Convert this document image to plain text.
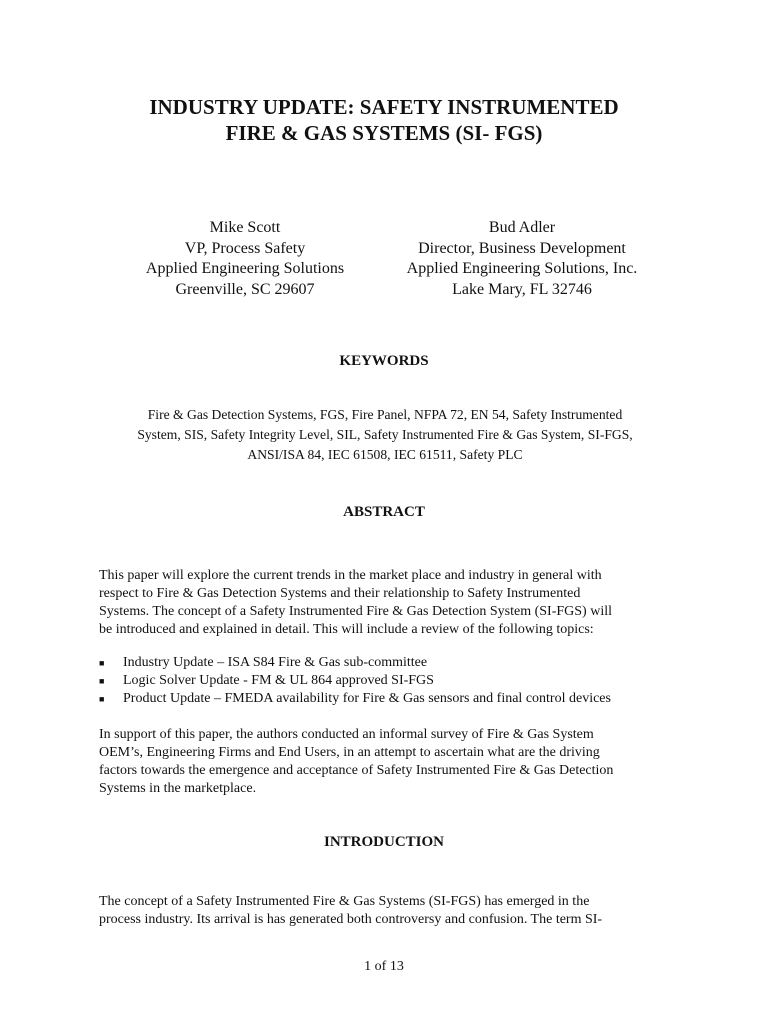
INDUSTRY UPDATE: SAFETY INSTRUMENTED
FIRE & GAS SYSTEMS (SI- FGS)
Mike Scott
VP, Process Safety
Applied Engineering Solutions
Greenville, SC 29607
Bud Adler
Director, Business Development
Applied Engineering Solutions, Inc.
Lake Mary, FL 32746
KEYWORDS
Fire & Gas Detection Systems, FGS, Fire Panel, NFPA 72, EN 54, Safety Instrumented
System, SIS, Safety Integrity Level, SIL, Safety Instrumented Fire & Gas System, SI-FGS,
ANSI/ISA 84, IEC 61508, IEC 61511, Safety PLC
ABSTRACT
This paper will explore the current trends in the market place and industry in general with
respect to Fire & Gas Detection Systems and their relationship to Safety Instrumented
Systems. The concept of a Safety Instrumented Fire & Gas Detection System (SI-FGS) will
be introduced and explained in detail. This will include a review of the following topics:
■	Industry Update – ISA S84 Fire & Gas sub-committee
■	Logic Solver Update - FM & UL 864 approved SI-FGS
■	Product Update – FMEDA availability for Fire & Gas sensors and final control devices
In support of this paper, the authors conducted an informal survey of Fire & Gas System
OEM’s, Engineering Firms and End Users, in an attempt to ascertain what are the driving
factors towards the emergence and acceptance of Safety Instrumented Fire & Gas Detection
Systems in the marketplace.
INTRODUCTION
The concept of a Safety Instrumented Fire & Gas Systems (SI-FGS) has emerged in the
process industry. Its arrival is has generated both controversy and confusion. The term SI-
1 of 13
